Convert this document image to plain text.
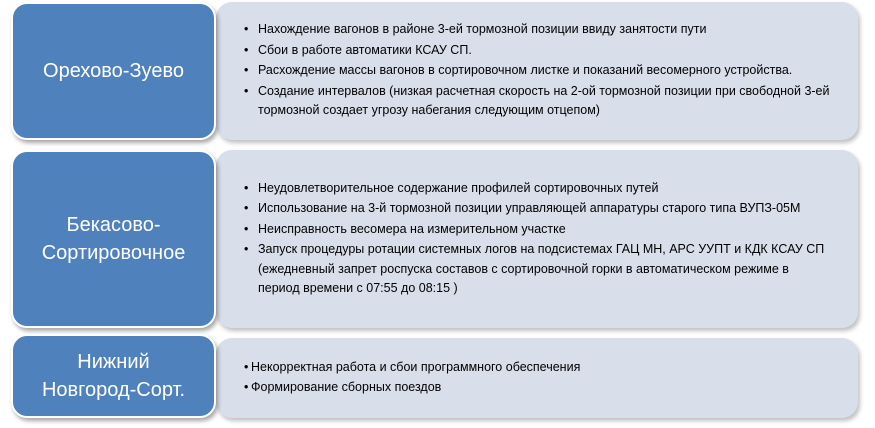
Орехово-Зуево
• Нахождение вагонов в районе 3-ей тормозной позиции ввиду занятости пути
• Сбои в работе автоматики КСАУ СП.
• Расхождение массы вагонов в сортировочном листке и показаний весомерного устройства.
• Создание интервалов (низкая расчетная скорость на 2-ой тормозной позиции при свободной 3-ей тормозной создает угрозу набегания следующим отцепом)
Бекасово-
Сортировочное
• Неудовлетворительное содержание профилей сортировочных путей
• Использование на 3-й тормозной позиции управляющей аппаратуры старого типа ВУПЗ-05М
• Неисправность весомера на измерительном участке
• Запуск процедуры ротации системных логов на подсистемах ГАЦ МН, АРС УУПТ и КДК КСАУ СП (ежедневный запрет роспуска составов с сортировочной горки в автоматическом режиме в период времени с 07:55 до 08:15 )
Нижний
Новгород-Сорт.
• Некорректная работа и сбои программного обеспечения
• Формирование сборных поездов
